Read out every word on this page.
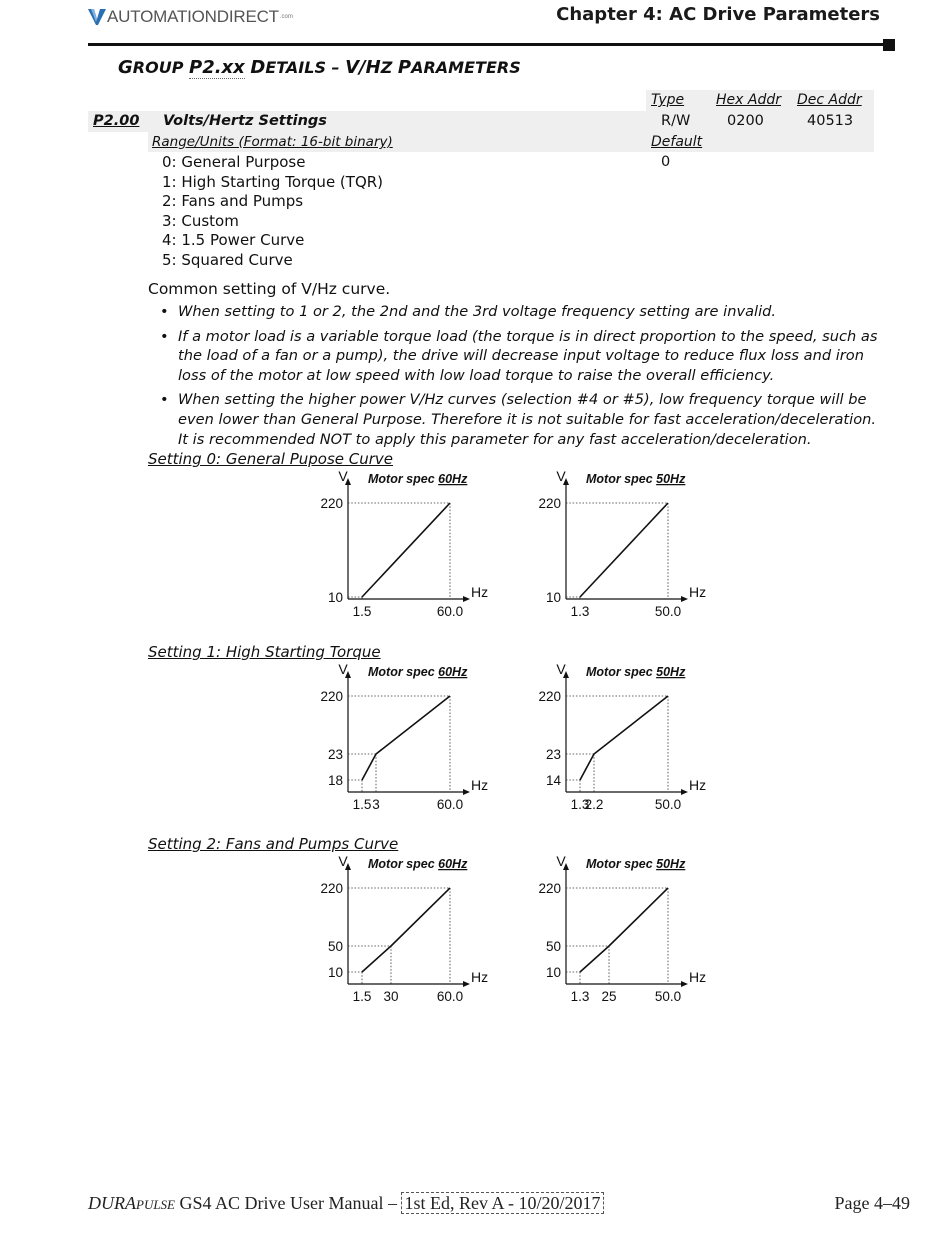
AUTOMATIONDIRECT .com	Chapter 4: AC Drive Parameters
GROUP P2.xx DETAILS – V/HZ PARAMETERS
Type Hex Addr Dec Addr
P2.00 Volts/Hertz Settings	R/W	0200	40513
Range/Units (Format: 16-bit binary)	Default
0
0: General Purpose
1: High Starting Torque (TQR)
2: Fans and Pumps
3: Custom
4: 1.5 Power Curve
5: Squared Curve
Common setting of V/Hz curve.
• When setting to 1 or 2, the 2nd and the 3rd voltage frequency setting are invalid.
• If a motor load is a variable torque load (the torque is in direct proportion to the speed, such as the load of a fan or a pump), the drive will decrease input voltage to reduce flux loss and iron loss of the motor at low speed with low load torque to raise the overall efficiency.
• When setting the higher power V/Hz curves (selection #4 or #5), low frequency torque will be even lower than General Purpose. Therefore it is not suitable for fast acceleration/deceleration. It is recommended NOT to apply this parameter for any fast acceleration/deceleration.
Setting 0: General Pupose Curve
Setting 1: High Starting Torque
Setting 2: Fans and Pumps Curve
10
220
1.5	60.0
V
Hz
Motor spec 60Hz
10
220
1.3	50.0
V
Hz
Motor spec 50Hz
18
23
220
1.5 3	60.0
V
Hz
Motor spec 60Hz
14
23
220
1.3
2.2	50.0
V
Hz
Motor spec 50Hz
10
50
220
1.5 30	60.0
V
Hz
Motor spec 60Hz
10
50
220
1.3 25	50.0
V
Hz
Motor spec 50Hz
DURAPULSE GS4 AC Drive User Manual – 1st Ed, Rev A - 10/20/2017	Page 4–49
